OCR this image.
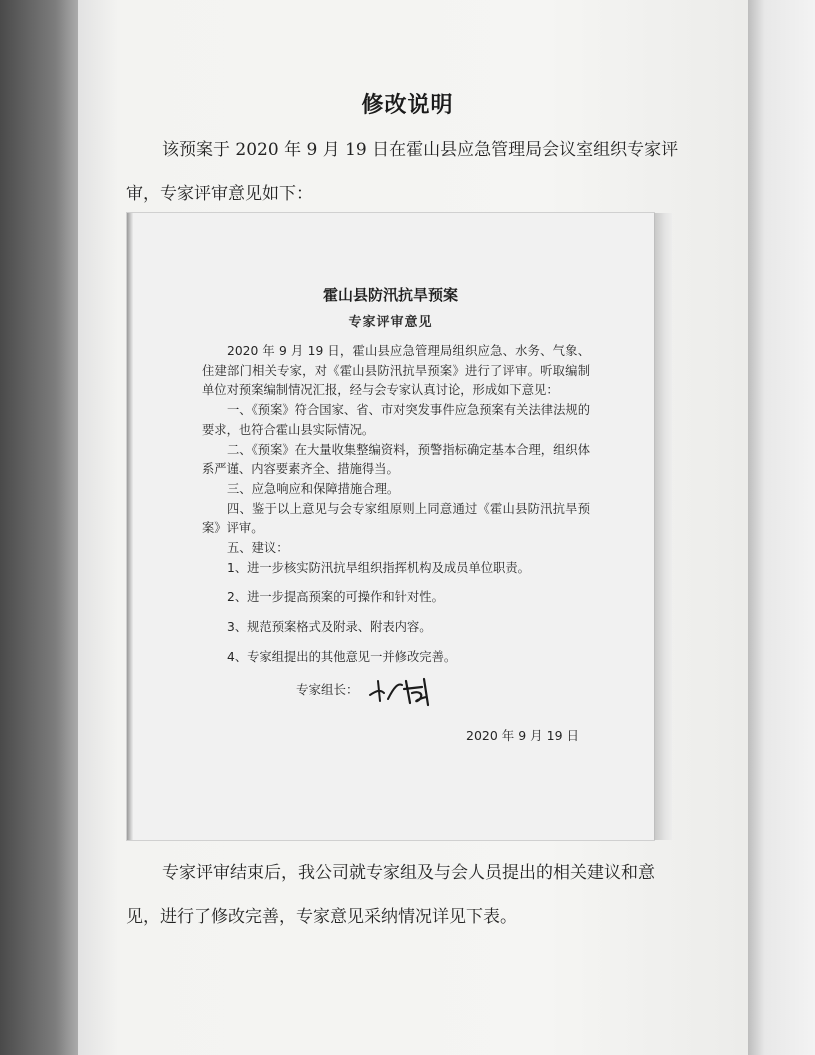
修改说明
该预案于 2020 年 9 月 19 日在霍山县应急管理局会议室组织专家评
审，专家评审意见如下：
霍山县防汛抗旱预案
专家评审意见

2020 年 9 月 19 日，霍山县应急管理局组织应急、水务、气象、住建部门相关专家，对《霍山县防汛抗旱预案》进行了评审。听取编制单位对预案编制情况汇报，经与会专家认真讨论，形成如下意见：

一、《预案》符合国家、省、市对突发事件应急预案有关法律法规的要求，也符合霍山县实际情况。

二、《预案》在大量收集整编资料，预警指标确定基本合理，组织体系严谨、内容要素齐全、措施得当。

三、应急响应和保障措施合理。

四、鉴于以上意见与会专家组原则上同意通过《霍山县防汛抗旱预案》评审。

五、建议：

1、进一步核实防汛抗旱组织指挥机构及成员单位职责。

2、进一步提高预案的可操作和针对性。

3、规范预案格式及附录、附表内容。

4、专家组提出的其他意见一并修改完善。

专家组长：
2020 年 9 月 19 日
专家评审结束后，我公司就专家组及与会人员提出的相关建议和意
见，进行了修改完善，专家意见采纳情况详见下表。
